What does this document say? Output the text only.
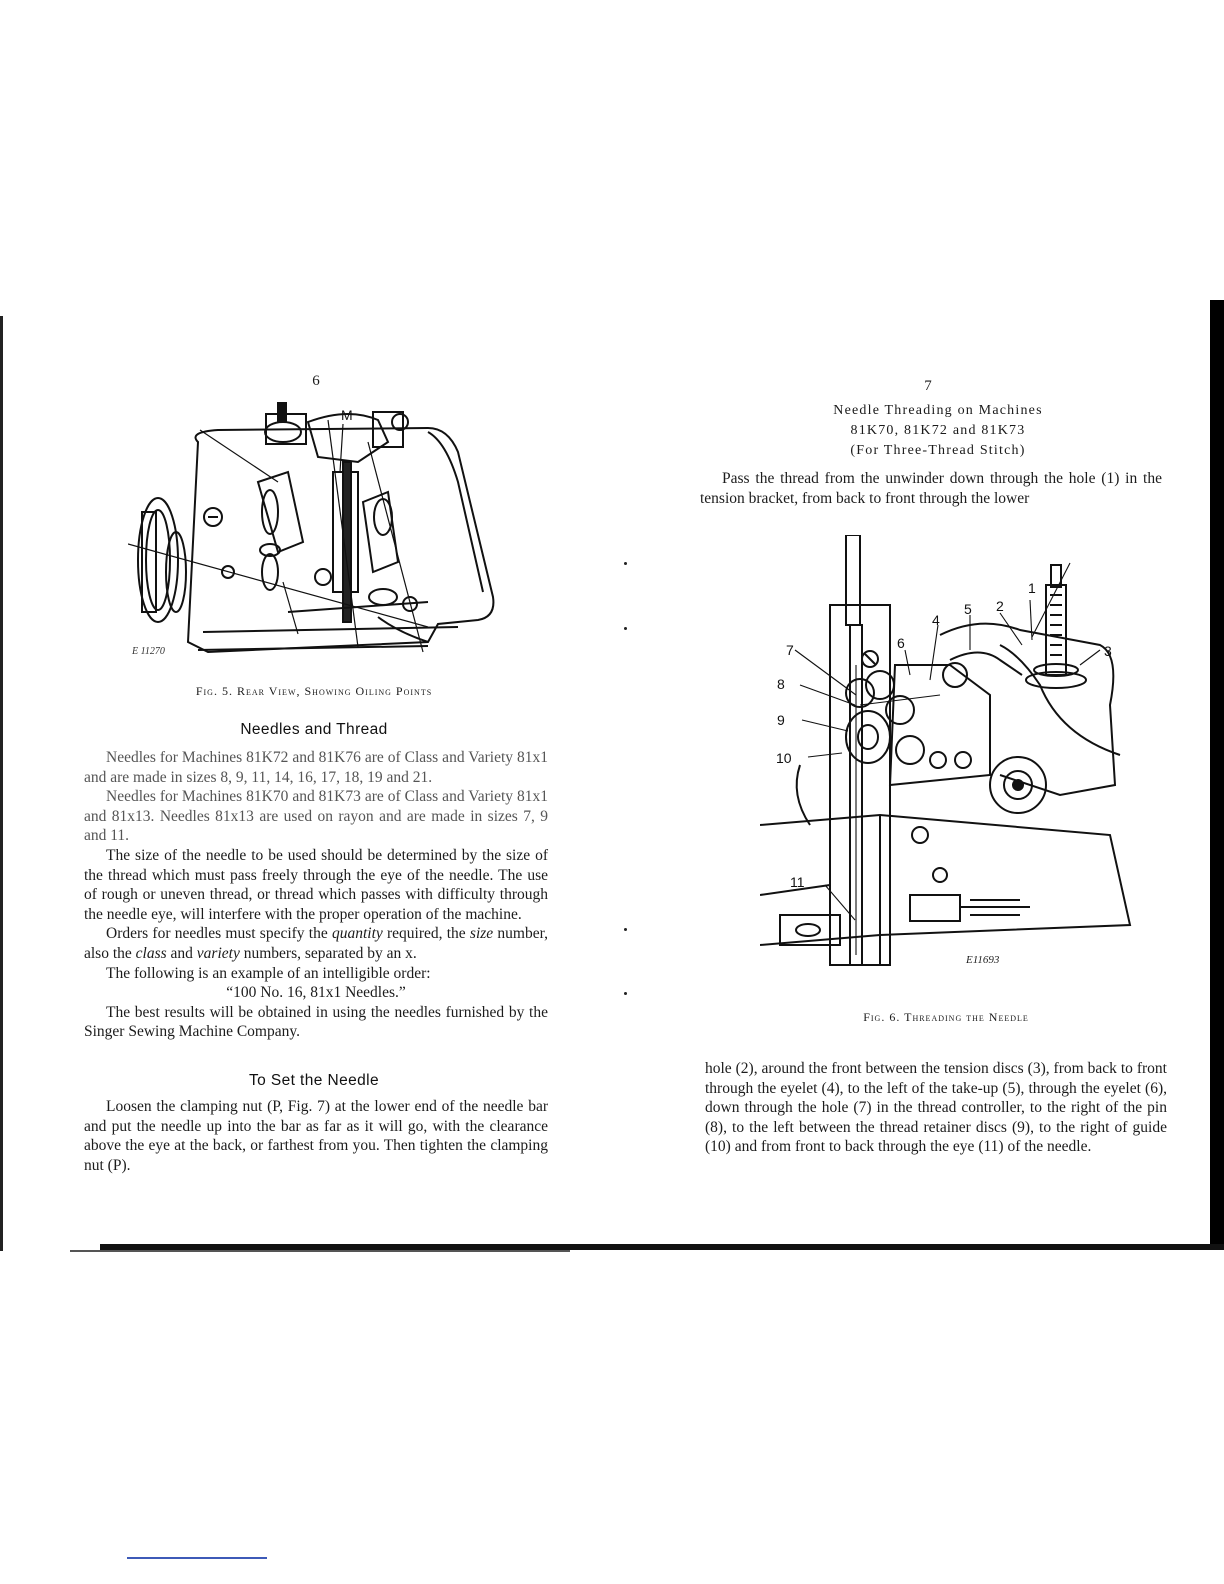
6
M
E 11270
Fig. 5. Rear View, Showing Oiling Points
Needles and Thread

Needles for Machines 81K72 and 81K76 are of Class and Variety 81x1 and are made in sizes 8, 9, 11, 14, 16, 17, 18, 19 and 21.

Needles for Machines 81K70 and 81K73 are of Class and Variety 81x1 and 81x13. Needles 81x13 are used on rayon and are made in sizes 7, 9 and 11.

The size of the needle to be used should be determined by the size of the thread which must pass freely through the eye of the needle. The use of rough or uneven thread, or thread which passes with difficulty through the needle eye, will interfere with the proper operation of the machine.

Orders for needles must specify the quantity required, the size number, also the class and variety numbers, separated by an x.

The following is an example of an intelligible order:

“100 No. 16, 81x1 Needles.”

The best results will be obtained in using the needles furnished by the Singer Sewing Machine Company.

To Set the Needle

Loosen the clamping nut (P, Fig. 7) at the lower end of the needle bar and put the needle up into the bar as far as it will go, with the clearance above the eye at the back, or farthest from you. Then tighten the clamping nut (P).

7
Needle Threading on Machines
81K70, 81K72 and 81K73
(For Three-Thread Stitch)

Pass the thread from the unwinder down through the hole (1) in the tension bracket, from back to front through the lower

1
2
3
4
5
6
7
8
9
10
11
E11693
Fig. 6. Threading the Needle

hole (2), around the front between the tension discs (3), from back to front through the eyelet (4), to the left of the take-up (5), through the eyelet (6), down through the hole (7) in the thread controller, to the right of the pin (8), to the left between the thread retainer discs (9), to the right of guide (10) and from front to back through the eye (11) of the needle.
